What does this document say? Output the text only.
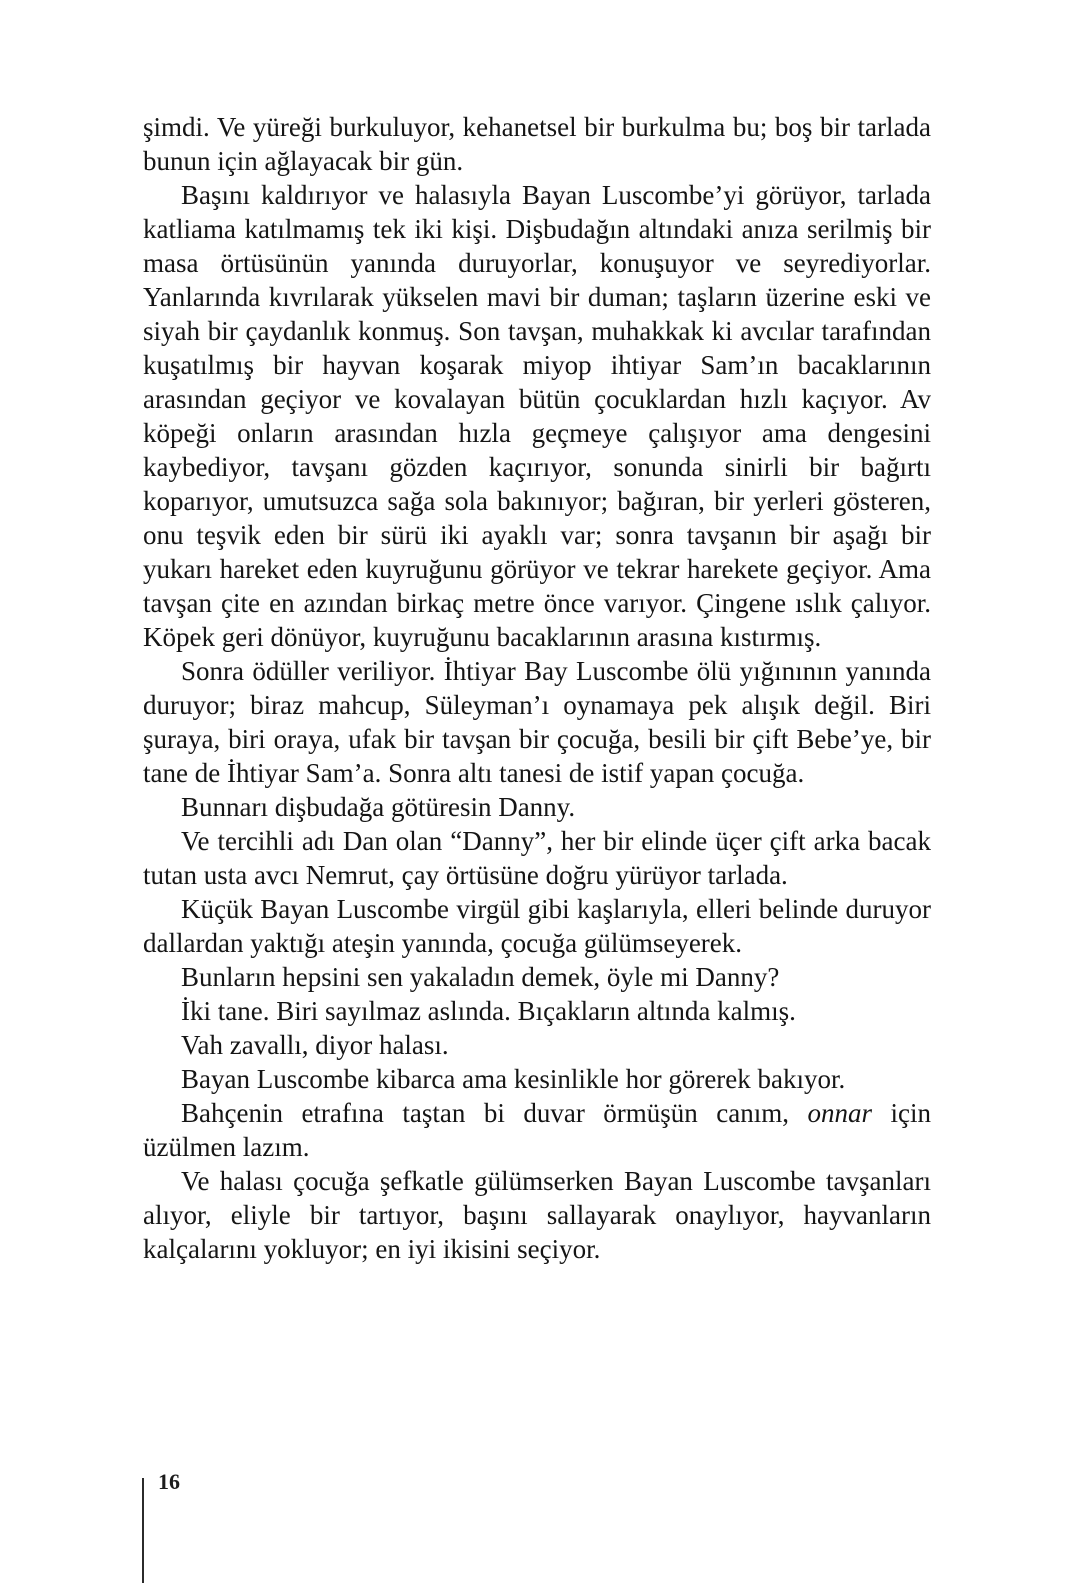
şimdi. Ve yüreği burkuluyor, kehanetsel bir burkulma bu; boş bir tarlada bunun için ağlayacak bir gün.

Başını kaldırıyor ve halasıyla Bayan Luscombe’yi görüyor, tarlada katliama katılmamış tek iki kişi. Dişbudağın altındaki anıza serilmiş bir masa örtüsünün yanında duruyorlar, konuşuyor ve seyrediyorlar. Yanlarında kıvrılarak yükselen mavi bir duman; taşların üzerine eski ve siyah bir çaydanlık konmuş. Son tavşan, muhakkak ki avcılar tarafından kuşatılmış bir hayvan koşarak miyop ihtiyar Sam’ın bacaklarının arasından geçiyor ve kovalayan bütün çocuklardan hızlı kaçıyor. Av köpeği onların arasından hızla geçmeye çalışıyor ama dengesini kaybediyor, tavşanı gözden kaçırıyor, sonunda sinirli bir bağırtı koparıyor, umutsuzca sağa sola bakınıyor; bağıran, bir yerleri gösteren, onu teşvik eden bir sürü iki ayaklı var; sonra tavşanın bir aşağı bir yukarı hareket eden kuyruğunu görüyor ve tekrar harekete geçiyor. Ama tavşan çite en azından birkaç metre önce varıyor. Çingene ıslık çalıyor. Köpek geri dönüyor, kuyruğunu bacaklarının arasına kıstırmış.

Sonra ödüller veriliyor. İhtiyar Bay Luscombe ölü yığınının yanında duruyor; biraz mahcup, Süleyman’ı oynamaya pek alışık değil. Biri şuraya, biri oraya, ufak bir tavşan bir çocuğa, besili bir çift Bebe’ye, bir tane de İhtiyar Sam’a. Sonra altı tanesi de istif yapan çocuğa.

Bunnarı dişbudağa götüresin Danny.

Ve tercihli adı Dan olan “Danny”, her bir elinde üçer çift arka bacak tutan usta avcı Nemrut, çay örtüsüne doğru yürüyor tarlada.

Küçük Bayan Luscombe virgül gibi kaşlarıyla, elleri belinde duruyor dallardan yaktığı ateşin yanında, çocuğa gülümseyerek.

Bunların hepsini sen yakaladın demek, öyle mi Danny?

İki tane. Biri sayılmaz aslında. Bıçakların altında kalmış.

Vah zavallı, diyor halası.

Bayan Luscombe kibarca ama kesinlikle hor görerek bakıyor.

Bahçenin etrafına taştan bi duvar örmüşün canım, onnar için üzülmen lazım.

Ve halası çocuğa şefkatle gülümserken Bayan Luscombe tavşanları alıyor, eliyle bir tartıyor, başını sallayarak onaylıyor, hayvanların kalçalarını yokluyor; en iyi ikisini seçiyor.

16
